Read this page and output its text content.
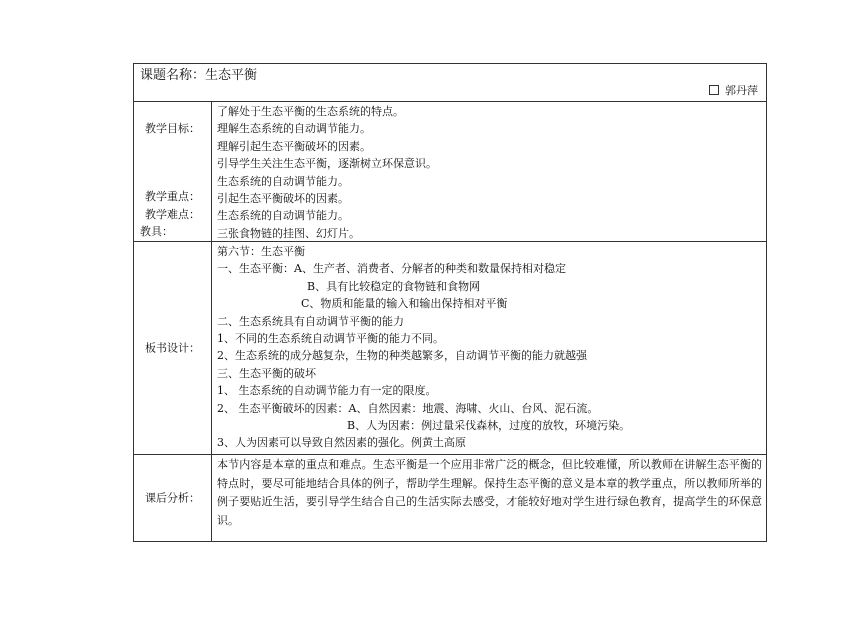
课题名称：生态平衡
郭丹萍
教学目标：
教学重点：
教学难点：
教具：
了解处于生态平衡的生态系统的特点。
理解生态系统的自动调节能力。
理解引起生态平衡破坏的因素。
引导学生关注生态平衡，逐渐树立环保意识。
生态系统的自动调节能力。
引起生态平衡破坏的因素。
生态系统的自动调节能力。
三张食物链的挂图、幻灯片。
板书设计：
第六节：生态平衡
一、生态平衡：A、生产者、消费者、分解者的种类和数量保持相对稳定
B、具有比较稳定的食物链和食物网
C、物质和能量的输入和输出保持相对平衡
二、生态系统具有自动调节平衡的能力
1、不同的生态系统自动调节平衡的能力不同。
2、生态系统的成分越复杂，生物的种类越繁多，自动调节平衡的能力就越强
三、生态平衡的破坏
1、 生态系统的自动调节能力有一定的限度。
2、 生态平衡破坏的因素：A、自然因素：地震、海啸、火山、台风、泥石流。
B、人为因素：例过量采伐森林，过度的放牧，环境污染。
3、人为因素可以导致自然因素的强化。例黄土高原
课后分析：
本节内容是本章的重点和难点。生态平衡是一个应用非常广泛的概念，但比较难懂，所以教师在讲解生态平衡的特点时，要尽可能地结合具体的例子，帮助学生理解。保持生态平衡的意义是本章的教学重点，所以教师所举的例子要贴近生活，要引导学生结合自己的生活实际去感受，才能较好地对学生进行绿色教育，提高学生的环保意识。
